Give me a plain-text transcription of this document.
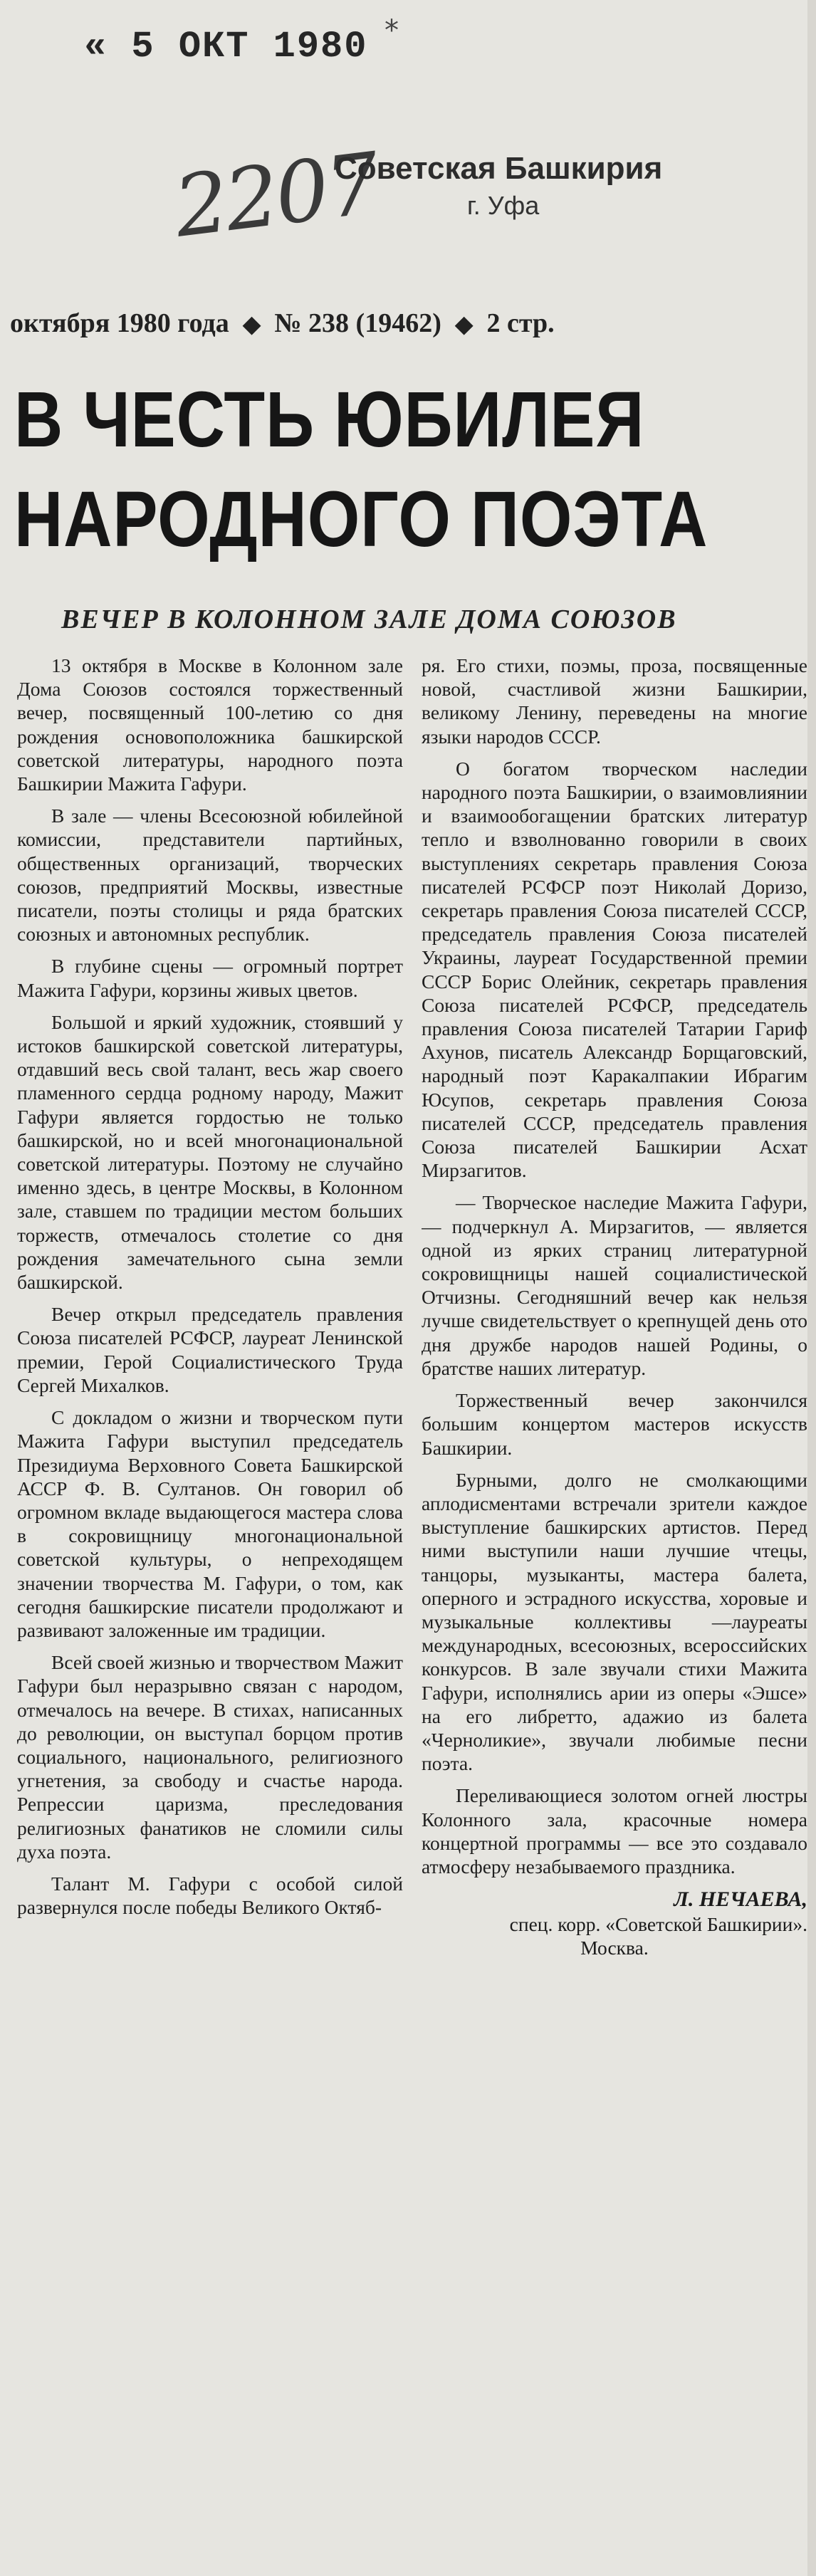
« 5 ОКТ 1980 *
2207
Советская Башкирия
г. Уфа
октября 1980 года ◆ № 238 (19462) ◆ 2 стр.
В ЧЕСТЬ ЮБИЛЕЯ
НАРОДНОГО ПОЭТА
ВЕЧЕР В КОЛОННОМ ЗАЛЕ ДОМА СОЮЗОВ

13 октября в Москве в Колонном зале Дома Союзов состоялся торжественный вечер, посвященный 100-летию со дня рождения основоположника башкирской советской литературы, народного поэта Башкирии Мажита Гафури.

В зале — члены Всесоюзной юбилейной комиссии, представители партийных, общественных организаций, творческих союзов, предприятий Москвы, известные писатели, поэты столицы и ряда братских союзных и автономных республик.

В глубине сцены — огромный портрет Мажита Гафури, корзины живых цветов.

Большой и яркий художник, стоявший у истоков башкирской советской литературы, отдавший весь свой талант, весь жар своего пламенного сердца родному народу, Мажит Гафури является гордостью не только башкирской, но и всей многонациональной советской литературы. Поэтому не случайно именно здесь, в центре Москвы, в Колонном зале, ставшем по традиции местом больших торжеств, отмечалось столетие со дня рождения замечательного сына земли башкирской.

Вечер открыл председатель правления Союза писателей РСФСР, лауреат Ленинской премии, Герой Социалистического Труда Сергей Михалков.

С докладом о жизни и творческом пути Мажита Гафури выступил председатель Президиума Верховного Совета Башкирской АССР Ф. В. Султанов. Он говорил об огромном вкладе выдающегося мастера слова в сокровищницу многонациональной советской культуры, о непреходящем значении творчества М. Гафури, о том, как сегодня башкирские писатели продолжают и развивают заложенные им традиции.

Всей своей жизнью и творчеством Мажит Гафури был неразрывно связан с народом, отмечалось на вечере. В стихах, написанных до революции, он выступал борцом против социального, национального, религиозного угнетения, за свободу и счастье народа. Репрессии царизма, преследования религиозных фанатиков не сломили силы духа поэта.

Талант М. Гафури с особой силой развернулся после победы Великого Октяб-

ря. Его стихи, поэмы, проза, посвященные новой, счастливой жизни Башкирии, великому Ленину, переведены на многие языки народов СССР.

О богатом творческом наследии народного поэта Башкирии, о взаимовлиянии и взаимообогащении братских литератур тепло и взволнованно говорили в своих выступлениях секретарь правления Союза писателей РСФСР поэт Николай Доризо, секретарь правления Союза писателей СССР, председатель правления Союза писателей Украины, лауреат Государственной премии СССР Борис Олейник, секретарь правления Союза писателей РСФСР, председатель правления Союза писателей Татарии Гариф Ахунов, писатель Александр Борщаговский, народный поэт Каракалпакии Ибрагим Юсупов, секретарь правления Союза писателей СССР, председатель правления Союза писателей Башкирии Асхат Мирзагитов.

— Творческое наследие Мажита Гафури, — подчеркнул А. Мирзагитов, — является одной из ярких страниц литературной сокровищницы нашей социалистической Отчизны. Сегодняшний вечер как нельзя лучше свидетельствует о крепнущей день ото дня дружбе народов нашей Родины, о братстве наших литератур.

Торжественный вечер закончился большим концертом мастеров искусств Башкирии.

Бурными, долго не смолкающими аплодисментами встречали зрители каждое выступление башкирских артистов. Перед ними выступили наши лучшие чтецы, танцоры, музыканты, мастера балета, оперного и эстрадного искусства, хоровые и музыкальные коллективы —лауреаты международных, всесоюзных, всероссийских конкурсов. В зале звучали стихи Мажита Гафури, исполнялись арии из оперы «Эшсе» на его либретто, адажио из балета «Черноликие», звучали любимые песни поэта.

Переливающиеся золотом огней люстры Колонного зала, красочные номера концертной программы — все это создавало атмосферу незабываемого праздника.

Л. НЕЧАЕВА,
спец. корр. «Советской Башкирии».
Москва.
